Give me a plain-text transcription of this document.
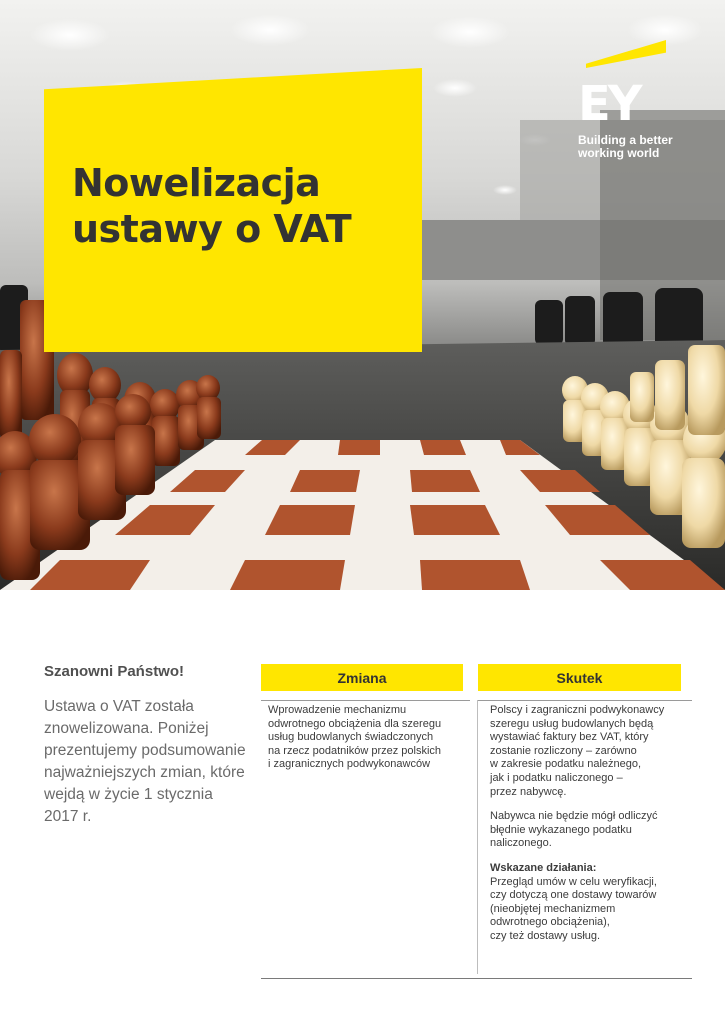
Nowelizacja
ustawy o VAT
EY
Building a better
working world
Szanowni Państwo!
Ustawa o VAT została znowelizowana. Poniżej prezentujemy podsumowanie najważniejszych zmian, które wejdą w życie 1 stycznia 2017 r.
Zmiana	Skutek
Wprowadzenie mechanizmu
odwrotnego obciążenia dla szeregu
usług budowlanych świadczonych
na rzecz podatników przez polskich
i zagranicznych podwykonawców

Polscy i zagraniczni podwykonawcy
szeregu usług budowlanych będą
wystawiać faktury bez VAT, który
zostanie rozliczony – zarówno
w zakresie podatku należnego,
jak i podatku naliczonego –
przez nabywcę.

Nabywca nie będzie mógł odliczyć
błędnie wykazanego podatku
naliczonego.

Wskazane działania:

Przegląd umów w celu weryfikacji,
czy dotyczą one dostawy towarów
(nieobjętej mechanizmem
odwrotnego obciążenia),
czy też dostawy usług.
